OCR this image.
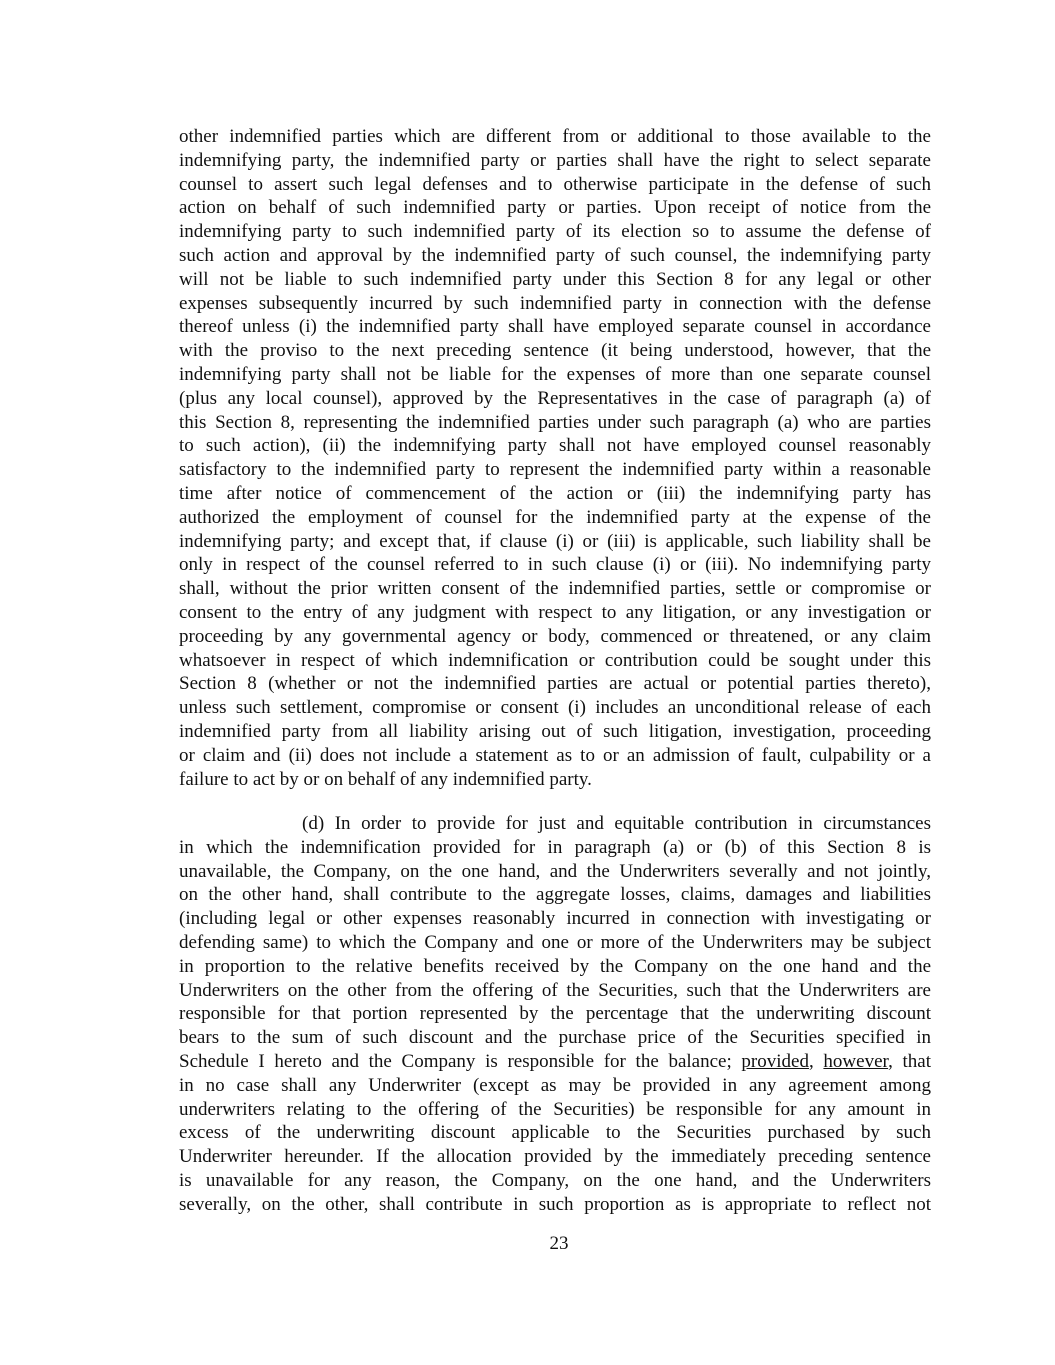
other indemnified parties which are different from or additional to those available to the
indemnifying party, the indemnified party or parties shall have the right to select separate
counsel to assert such legal defenses and to otherwise participate in the defense of such
action on behalf of such indemnified party or parties. Upon receipt of notice from the
indemnifying party to such indemnified party of its election so to assume the defense of
such action and approval by the indemnified party of such counsel, the indemnifying party
will not be liable to such indemnified party under this Section 8 for any legal or other
expenses subsequently incurred by such indemnified party in connection with the defense
thereof unless (i) the indemnified party shall have employed separate counsel in accordance
with the proviso to the next preceding sentence (it being understood, however, that the
indemnifying party shall not be liable for the expenses of more than one separate counsel
(plus any local counsel), approved by the Representatives in the case of paragraph (a) of
this Section 8, representing the indemnified parties under such paragraph (a) who are parties
to such action), (ii) the indemnifying party shall not have employed counsel reasonably
satisfactory to the indemnified party to represent the indemnified party within a reasonable
time after notice of commencement of the action or (iii) the indemnifying party has
authorized the employment of counsel for the indemnified party at the expense of the
indemnifying party; and except that, if clause (i) or (iii) is applicable, such liability shall be
only in respect of the counsel referred to in such clause (i) or (iii). No indemnifying party
shall, without the prior written consent of the indemnified parties, settle or compromise or
consent to the entry of any judgment with respect to any litigation, or any investigation or
proceeding by any governmental agency or body, commenced or threatened, or any claim
whatsoever in respect of which indemnification or contribution could be sought under this
Section 8 (whether or not the indemnified parties are actual or potential parties thereto),
unless such settlement, compromise or consent (i) includes an unconditional release of each
indemnified party from all liability arising out of such litigation, investigation, proceeding
or claim and (ii) does not include a statement as to or an admission of fault, culpability or a
failure to act by or on behalf of any indemnified party.
(d) In order to provide for just and equitable contribution in circumstances
in which the indemnification provided for in paragraph (a) or (b) of this Section 8 is
unavailable, the Company, on the one hand, and the Underwriters severally and not jointly,
on the other hand, shall contribute to the aggregate losses, claims, damages and liabilities
(including legal or other expenses reasonably incurred in connection with investigating or
defending same) to which the Company and one or more of the Underwriters may be subject
in proportion to the relative benefits received by the Company on the one hand and the
Underwriters on the other from the offering of the Securities, such that the Underwriters are
responsible for that portion represented by the percentage that the underwriting discount
bears to the sum of such discount and the purchase price of the Securities specified in
Schedule I hereto and the Company is responsible for the balance; provided, however, that
in no case shall any Underwriter (except as may be provided in any agreement among
underwriters relating to the offering of the Securities) be responsible for any amount in
excess of the underwriting discount applicable to the Securities purchased by such
Underwriter hereunder. If the allocation provided by the immediately preceding sentence
is unavailable for any reason, the Company, on the one hand, and the Underwriters
severally, on the other, shall contribute in such proportion as is appropriate to reflect not
23
